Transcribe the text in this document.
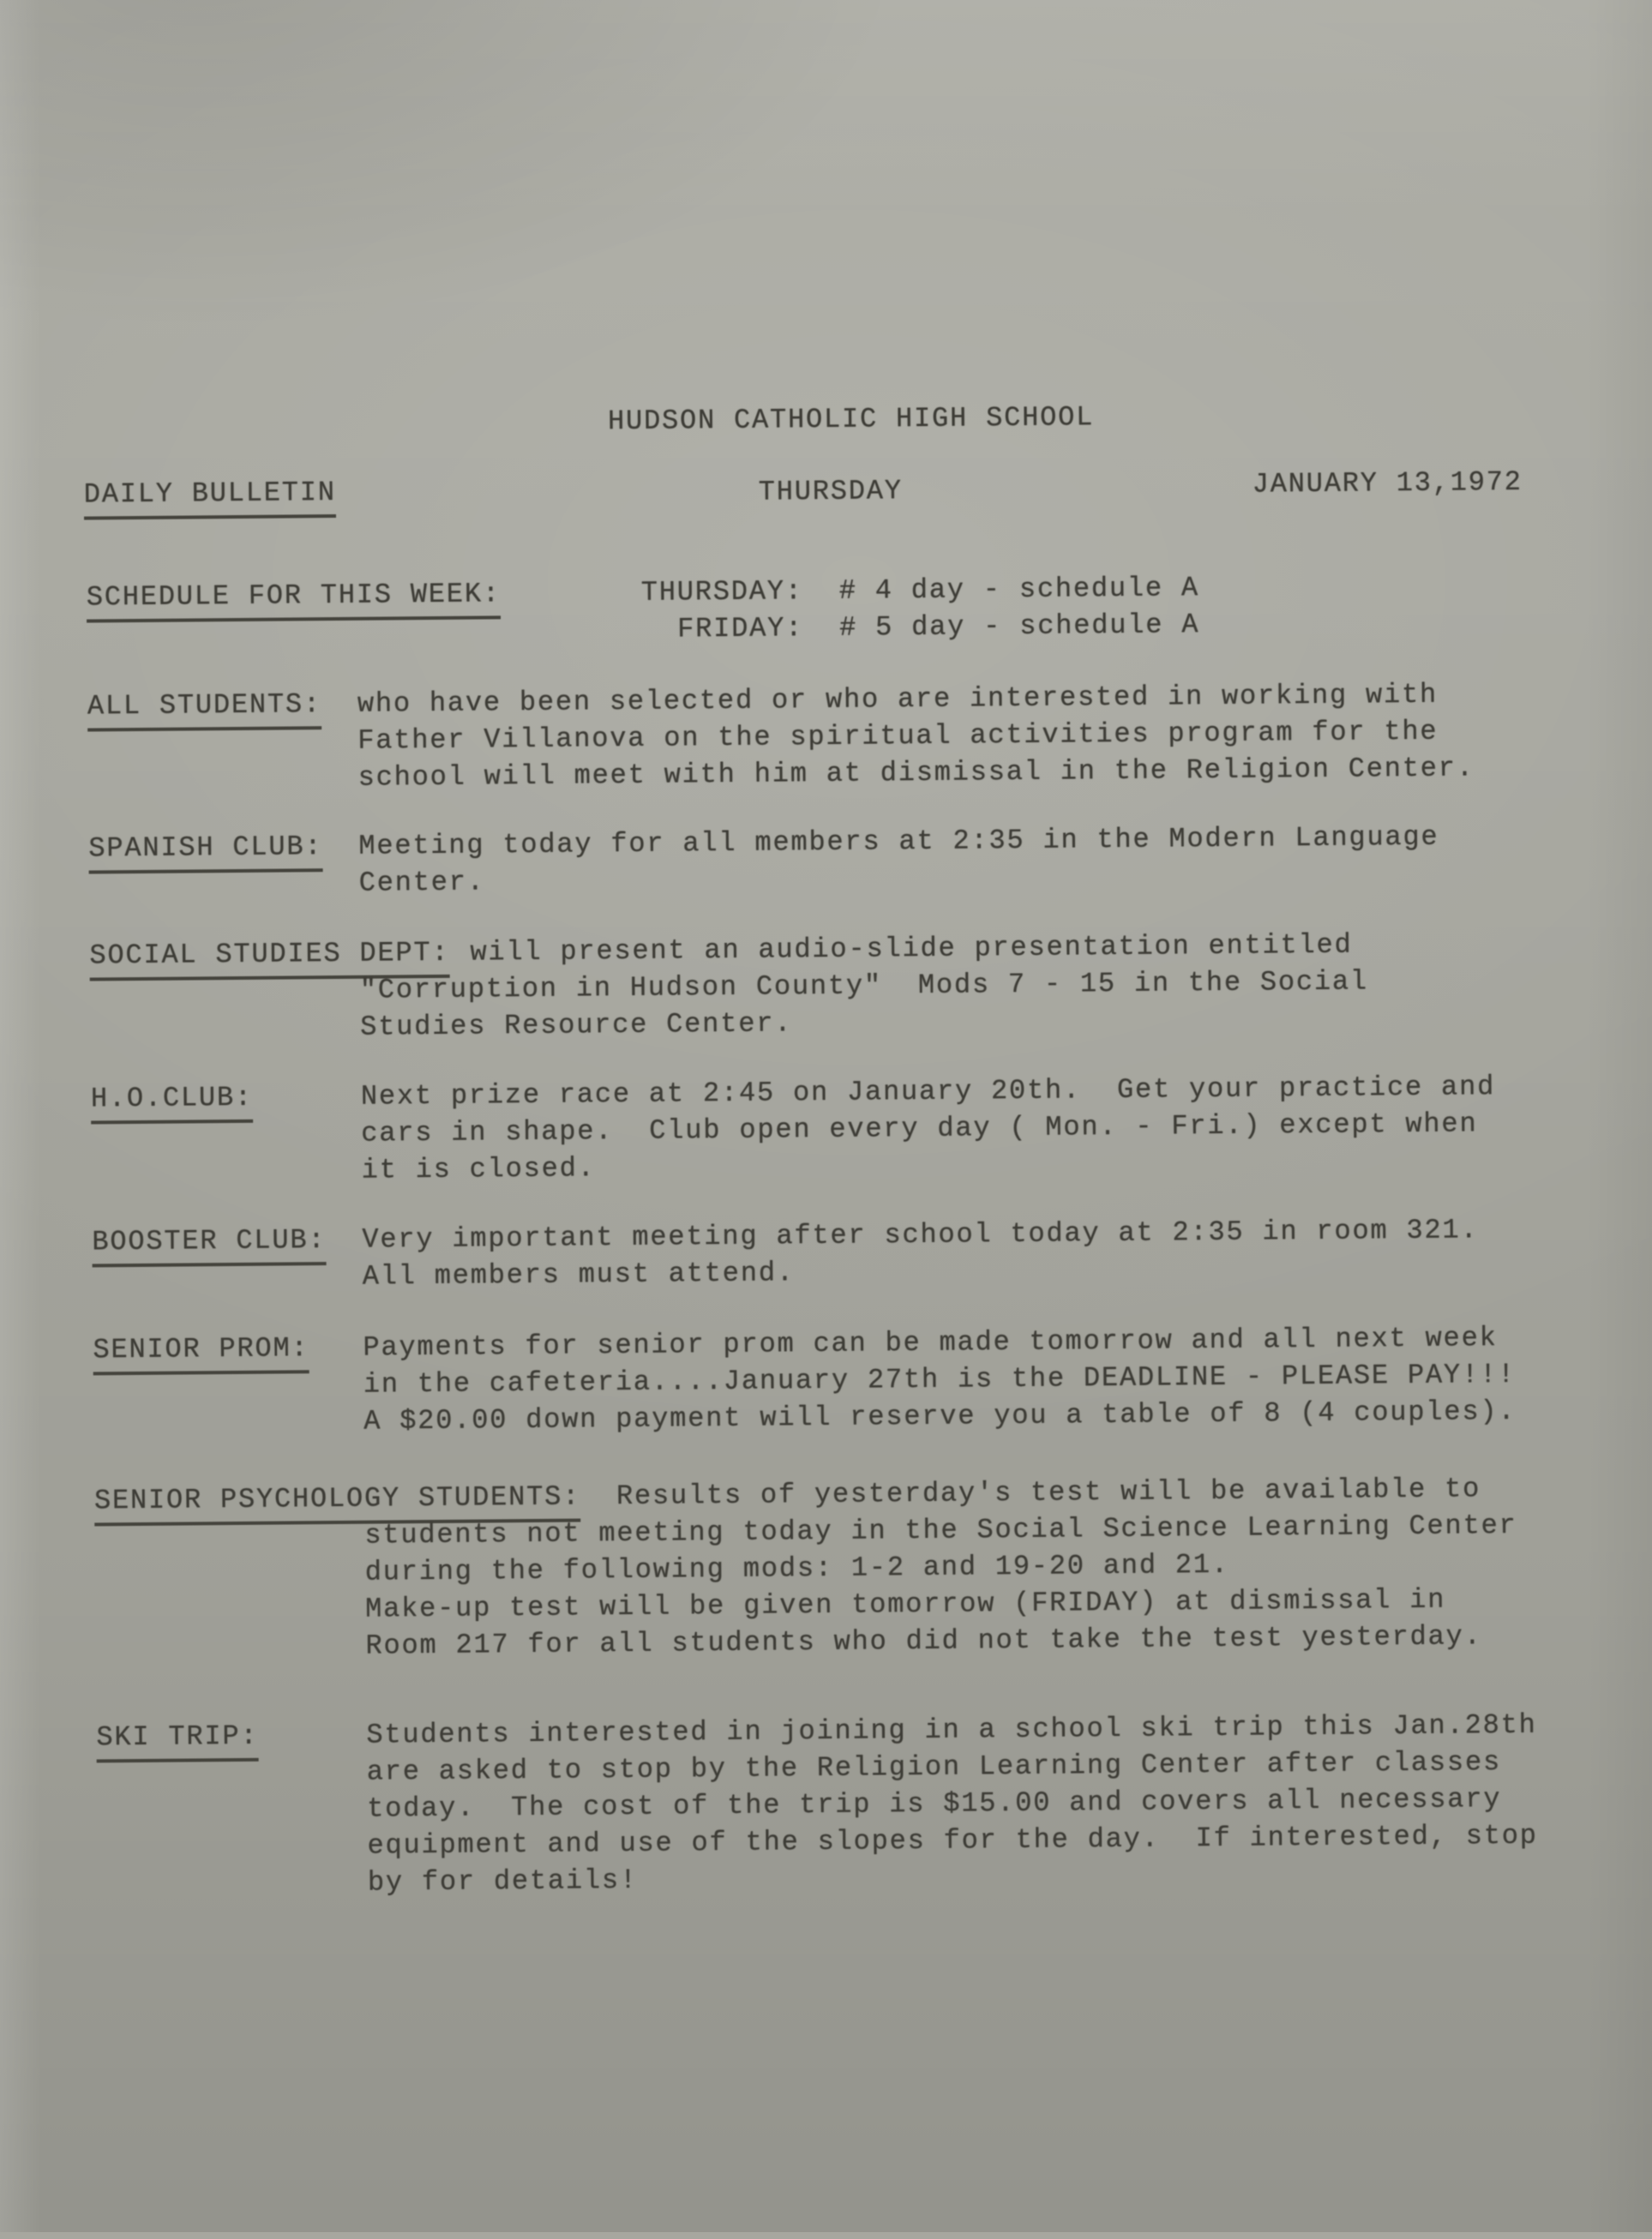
HUDSON CATHOLIC HIGH SCHOOL
DAILY BULLETIN	THURSDAY	JANUARY 13,1972
SCHEDULE FOR THIS WEEK:	THURSDAY:  # 4 day - schedule A
FRIDAY:  # 5 day - schedule A
ALL STUDENTS: who have been selected or who are interested in working with
Father Villanova on the spiritual activities program for the
school will meet with him at dismissal in the Religion Center.
SPANISH CLUB: Meeting today for all members at 2:35 in the Modern Language
Center.
SOCIAL STUDIES DEPT: will present an audio-slide presentation entitled
"Corruption in Hudson County"  Mods 7 - 15 in the Social
Studies Resource Center.
H.O.CLUB:	Next prize race at 2:45 on January 20th.  Get your practice and
cars in shape.  Club open every day ( Mon. - Fri.) except when
it is closed.
BOOSTER CLUB: Very important meeting after school today at 2:35 in room 321.
All members must attend.
SENIOR PROM: Payments for senior prom can be made tomorrow and all next week
in the cafeteria....January 27th is the DEADLINE - PLEASE PAY!!!
A $20.00 down payment will reserve you a table of 8 (4 couples).
SENIOR PSYCHOLOGY STUDENTS: Results of yesterday's test will be available to
students not meeting today in the Social Science Learning Center
during the following mods: 1-2 and 19-20 and 21.
Make-up test will be given tomorrow (FRIDAY) at dismissal in
Room 217 for all students who did not take the test yesterday.
SKI TRIP:	Students interested in joining in a school ski trip this Jan.28th
are asked to stop by the Religion Learning Center after classes
today.  The cost of the trip is $15.00 and covers all necessary
equipment and use of the slopes for the day.  If interested, stop
by for details!
